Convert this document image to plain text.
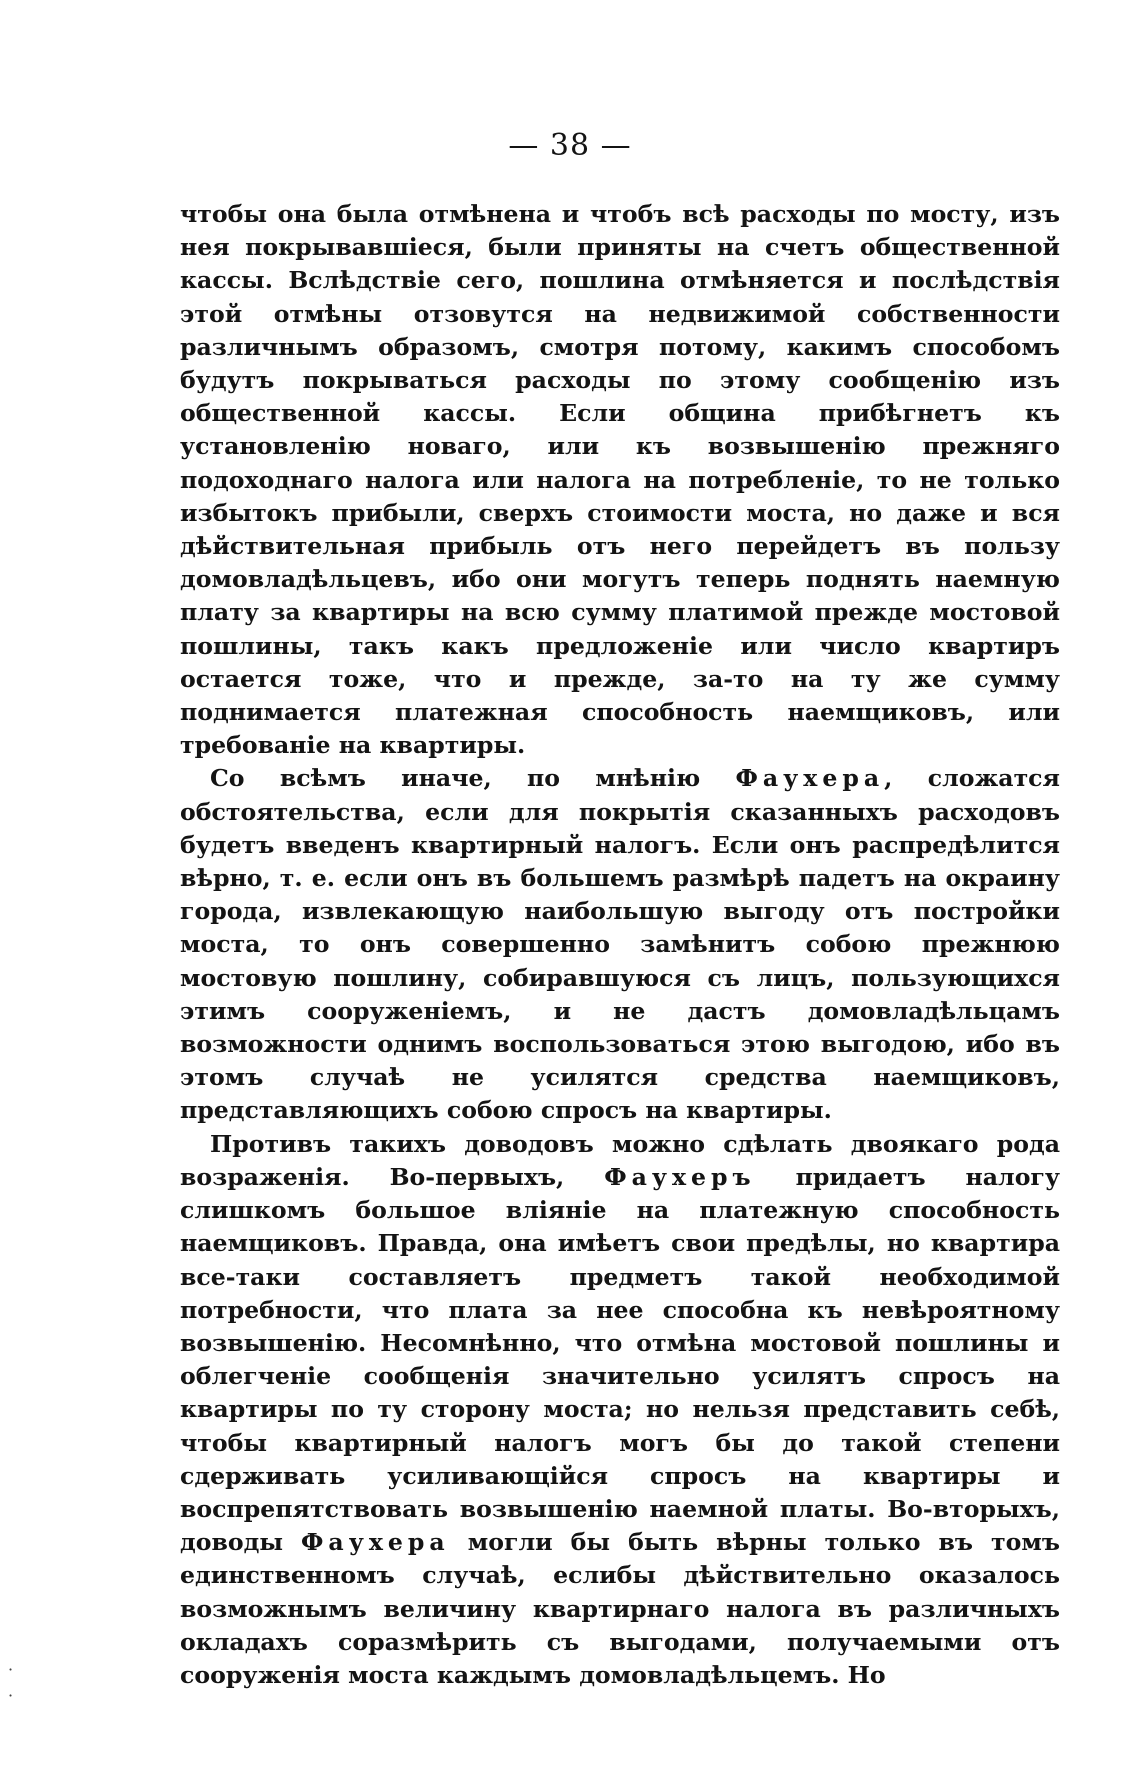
— 38 —

чтобы она была отмѣнена и чтобъ всѣ расходы по мосту, изъ нея покрывавшіеся, были приняты на счетъ общественной кассы. Вслѣдствіе сего, пошлина отмѣняется и послѣдствія этой отмѣны отзовутся на недвижимой собственности различнымъ образомъ, смотря потому, какимъ способомъ будутъ покрываться расходы по этому сообщенію изъ общественной кассы. Если община прибѣгнетъ къ установленію новаго, или къ возвышенію прежняго подоходнаго налога или налога на потребленіе, то не только избытокъ прибыли, сверхъ стоимости моста, но даже и вся дѣйствительная прибыль отъ него перейдетъ въ пользу домовладѣльцевъ, ибо они могутъ теперь поднять наемную плату за квартиры на всю сумму платимой прежде мостовой пошлины, такъ какъ предложеніе или число квартиръ остается тоже, что и прежде, за-то на ту же сумму поднимается платежная способность наемщиковъ, или требованіе на квартиры.

Со всѣмъ иначе, по мнѣнію Фаухера, сложатся обстоятельства, если для покрытія сказанныхъ расходовъ будетъ введенъ квартирный налогъ. Если онъ распредѣлится вѣрно, т. е. если онъ въ большемъ размѣрѣ падетъ на окраину города, извлекающую наибольшую выгоду отъ постройки моста, то онъ совершенно замѣнитъ собою прежнюю мостовую пошлину, собиравшуюся съ лицъ, пользующихся этимъ сооруженіемъ, и не дастъ домовладѣльцамъ возможности однимъ воспользоваться этою выгодою, ибо въ этомъ случаѣ не усилятся средства наемщиковъ, представляющихъ собою спросъ на квартиры.

Противъ такихъ доводовъ можно сдѣлать двоякаго рода возраженія. Во-первыхъ, Фаухеръ придаетъ налогу слишкомъ большое вліяніе на платежную способность наемщиковъ. Правда, она имѣетъ свои предѣлы, но квартира все-таки составляетъ предметъ такой необходимой потребности, что плата за нее способна къ невѣроятному возвышенію. Несомнѣнно, что отмѣна мостовой пошлины и облегченіе сообщенія значительно усилятъ спросъ на квартиры по ту сторону моста; но нельзя представить себѣ, чтобы квартирный налогъ могъ бы до такой степени сдерживать усиливающійся спросъ на квартиры и воспрепятствовать возвышенію наемной платы. Во-вторыхъ, доводы Фаухера могли бы быть вѣрны только въ томъ единственномъ случаѣ, еслибы дѣйствительно оказалось возможнымъ величину квартирнаго налога въ различныхъ окладахъ соразмѣрить съ выгодами, получаемыми отъ сооруженія моста каждымъ домовладѣльцемъ. Но

·
·
